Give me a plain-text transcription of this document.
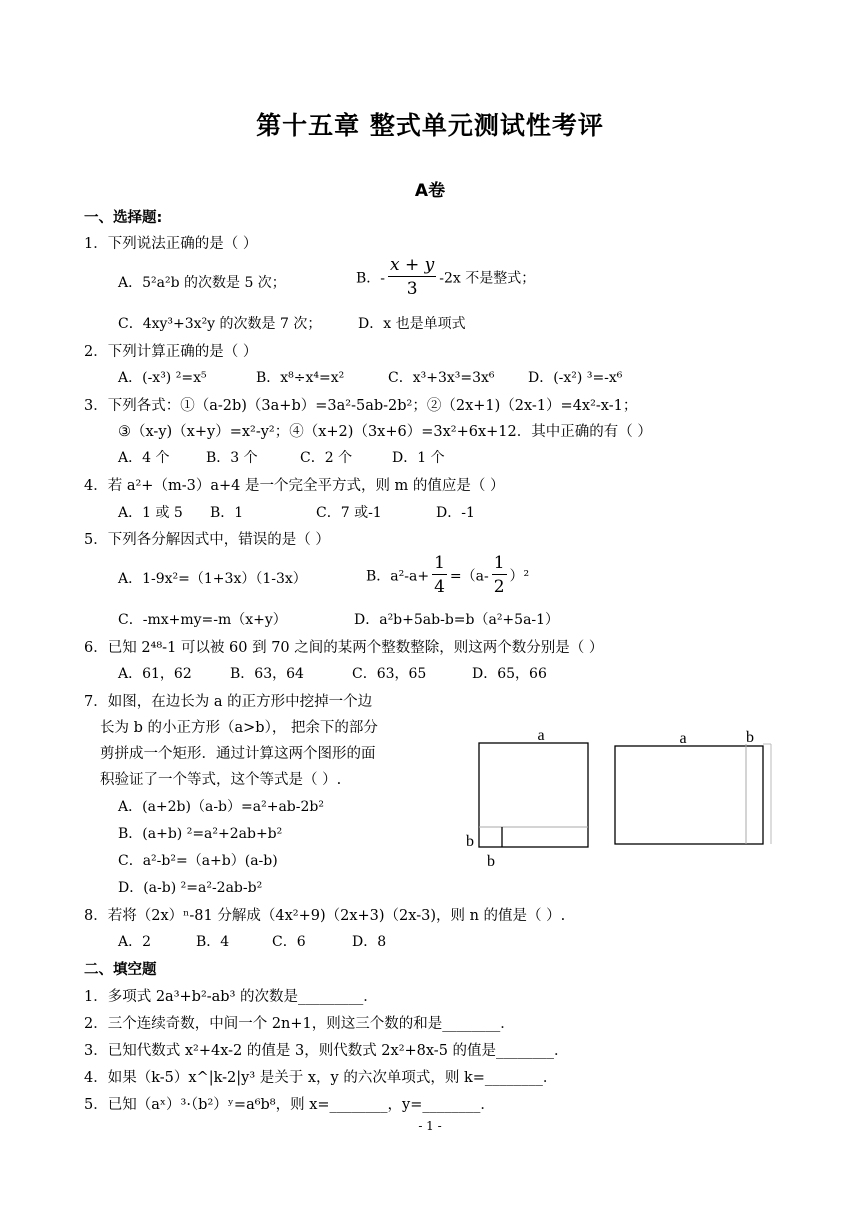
第十五章 整式单元测试性考评
A卷
一、选择题:
1．下列说法正确的是（ ）
A．5²a²b 的次数是 5 次；	B．- $\frac{x + y}{3} -2x$ 不是整式；
C．4xy³+3x²y 的次数是 7 次；	D．x 也是单项式
2．下列计算正确的是（ ）
A．(-x³) ²=x⁵	B．x⁸÷x⁴=x²	C．x³+3x³=3x⁶ D．(-x²) ³=-x⁶
3．下列各式：①（a-2b)（3a+b）=3a²-5ab-2b²；②（2x+1)（2x-1）=4x²-x-1；
③（x-y)（x+y）=x²-y²；④（x+2)（3x+6）=3x²+6x+12．其中正确的有（ ）
A．4 个	B．3 个	C．2 个	D．1 个
4．若 a²+（m-3）a+4 是一个完全平方式，则 m 的值应是（ ）
A．1 或 5 B．1	C．7 或-1	D．-1
5．下列各分解因式中，错误的是（ ）
A．1-9x²=（1+3x）（1-3x）	B．$a^2-a+ \frac{1}{4} =(a- \frac{1}{2} )^2$
C．-mx+my=-m（x+y）	D．a²b+5ab-b=b（a²+5a-1）
6．已知 2⁴⁸-1 可以被 60 到 70 之间的某两个整数整除，则这两个数分别是（ ）
A．61，62	B．63，64	C．63，65	D．65，66
7．如图，在边长为 a 的正方形中挖掉一个边
长为 b 的小正方形（a>b）， 把余下的部分
剪拼成一个矩形．通过计算这两个图形的面
积验证了一个等式，这个等式是（ ）.
A．(a+2b)（a-b）=a²+ab-2b²
B．(a+b) ²=a²+2ab+b²
C．a²-b²=（a+b）(a-b)
D．(a-b) ²=a²-2ab-b²
a
b
b
a	b
8．若将（2x）ⁿ-81 分解成（4x²+9)（2x+3)（2x-3)，则 n 的值是（ ）.
A．2	B．4	C．6	D．8
二、填空题
1．多项式 2a³+b²-ab³ 的次数是_________．
2．三个连续奇数，中间一个 2n+1，则这三个数的和是________．
3．已知代数式 x²+4x-2 的值是 3，则代数式 2x²+8x-5 的值是________．
4．如果（k-5）x^|k-2|y³ 是关于 x，y 的六次单项式，则 k=________．
5．已知（aˣ）³·（b²）ʸ=a⁶b⁸，则 x=________，y=________．
- 1 -
